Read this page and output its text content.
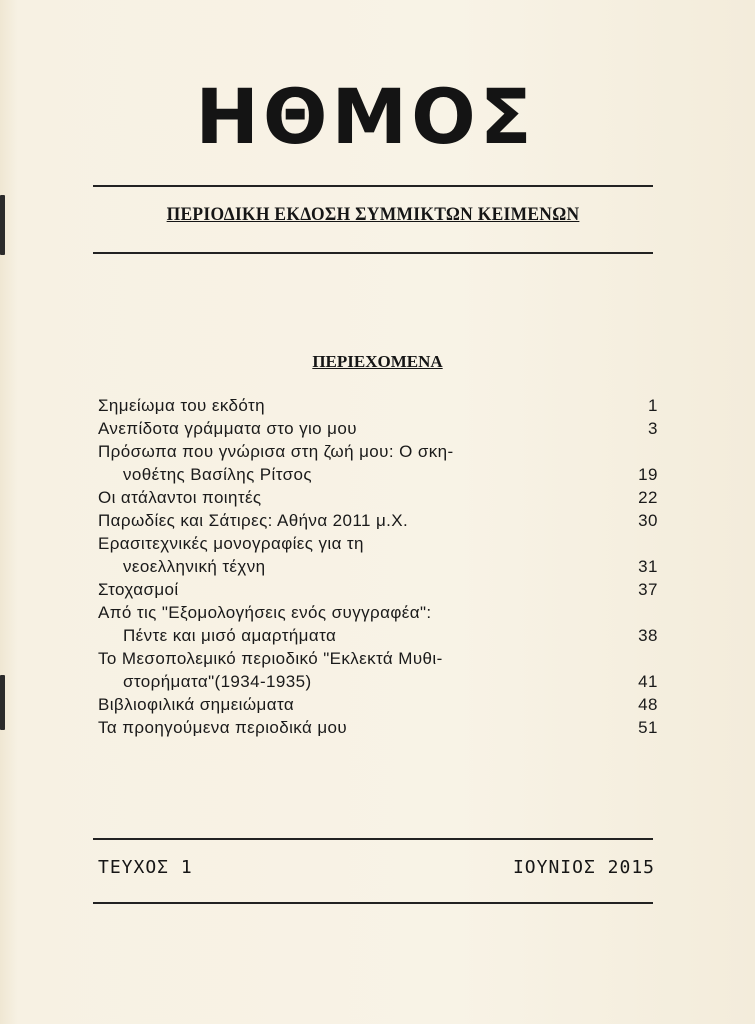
ΗΘΜΟΣ
ΠΕΡΙΟΔΙΚΗ ΕΚΔΟΣΗ ΣΥΜΜΙΚΤΩΝ ΚΕΙΜΕΝΩΝ
ΠΕΡΙΕΧΟΜΕΝΑ
Σημείωμα του εκδότη	1
Ανεπίδοτα γράμματα στο γιο μου	3
Πρόσωπα που γνώρισα στη ζωή μου: Ο σκη-
νοθέτης Βασίλης Ρίτσος	19
Οι ατάλαντοι ποιητές	22
Παρωδίες και Σάτιρες: Αθήνα 2011 μ.Χ.	30
Ερασιτεχνικές μονογραφίες για τη
νεοελληνική τέχνη	31
Στοχασμοί	37
Από τις "Εξομολογήσεις ενός συγγραφέα":
Πέντε και μισό αμαρτήματα	38
Το Μεσοπολεμικό περιοδικό "Εκλεκτά Μυθι-
στορήματα"(1934-1935)	41
Βιβλιοφιλικά σημειώματα	48
Τα προηγούμενα περιοδικά μου	51
ΤΕΥΧΟΣ 1	ΙΟΥΝΙΟΣ 2015
